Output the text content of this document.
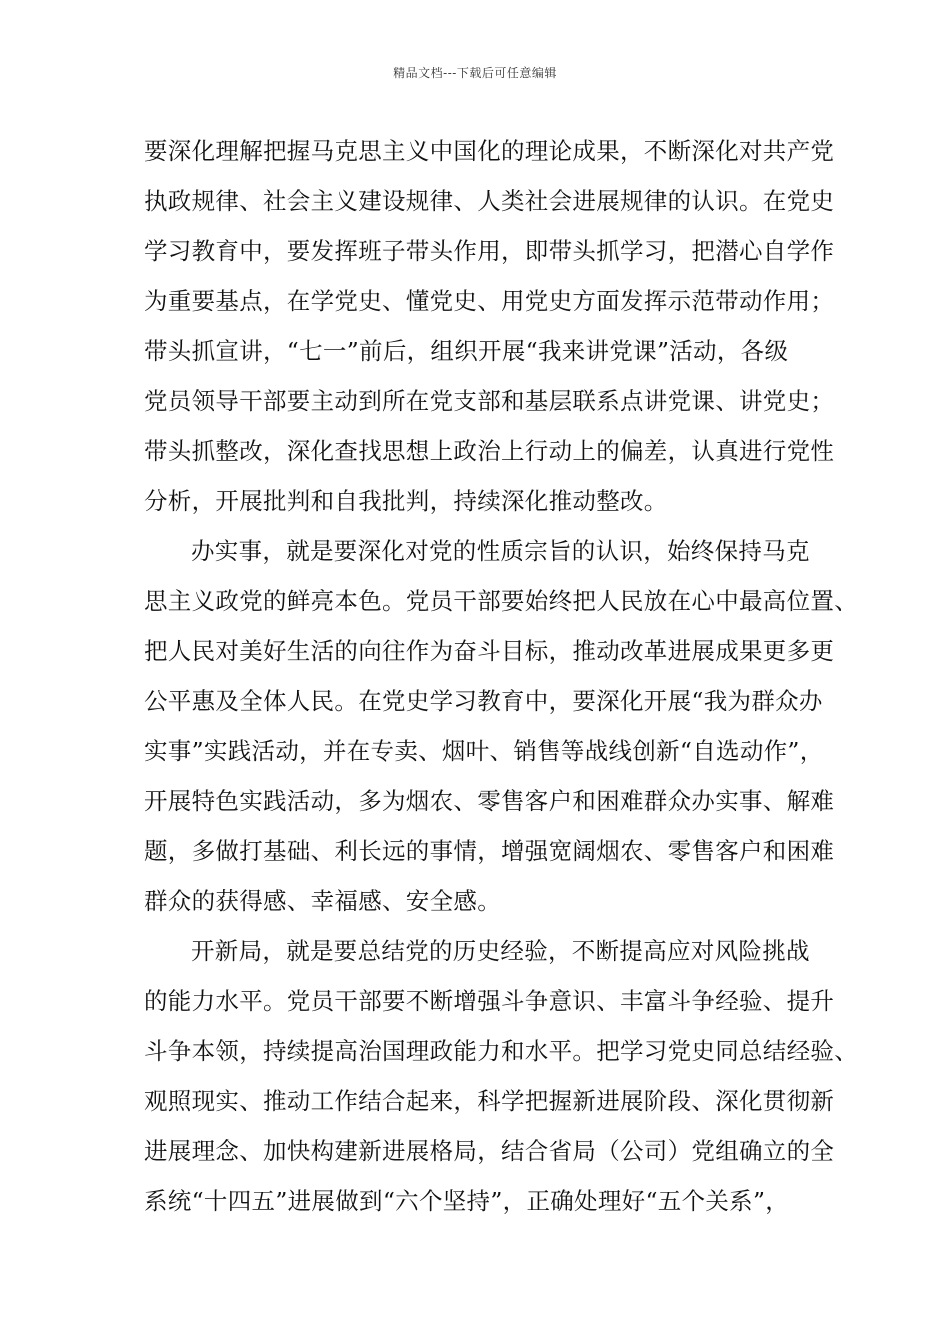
精品文档---下载后可任意编辑
要深化理解把握马克思主义中国化的理论成果，不断深化对共产党
执政规律、社会主义建设规律、人类社会进展规律的认识。在党史
学习教育中，要发挥班子带头作用，即带头抓学习，把潜心自学作
为重要基点，在学党史、懂党史、用党史方面发挥示范带动作用；
带头抓宣讲，“七一”前后，组织开展“我来讲党课”活动，各级
党员领导干部要主动到所在党支部和基层联系点讲党课、讲党史；
带头抓整改，深化查找思想上政治上行动上的偏差，认真进行党性
分析，开展批判和自我批判，持续深化推动整改。
办实事，就是要深化对党的性质宗旨的认识，始终保持马克
思主义政党的鲜亮本色。党员干部要始终把人民放在心中最高位置、
把人民对美好生活的向往作为奋斗目标，推动改革进展成果更多更
公平惠及全体人民。在党史学习教育中，要深化开展“我为群众办
实事”实践活动，并在专卖、烟叶、销售等战线创新“自选动作”，
开展特色实践活动，多为烟农、零售客户和困难群众办实事、解难
题，多做打基础、利长远的事情，增强宽阔烟农、零售客户和困难
群众的获得感、幸福感、安全感。
开新局，就是要总结党的历史经验，不断提高应对风险挑战
的能力水平。党员干部要不断增强斗争意识、丰富斗争经验、提升
斗争本领，持续提高治国理政能力和水平。把学习党史同总结经验、
观照现实、推动工作结合起来，科学把握新进展阶段、深化贯彻新
进展理念、加快构建新进展格局，结合省局（公司）党组确立的全
系统“十四五”进展做到“六个坚持”，正确处理好“五个关系”，
